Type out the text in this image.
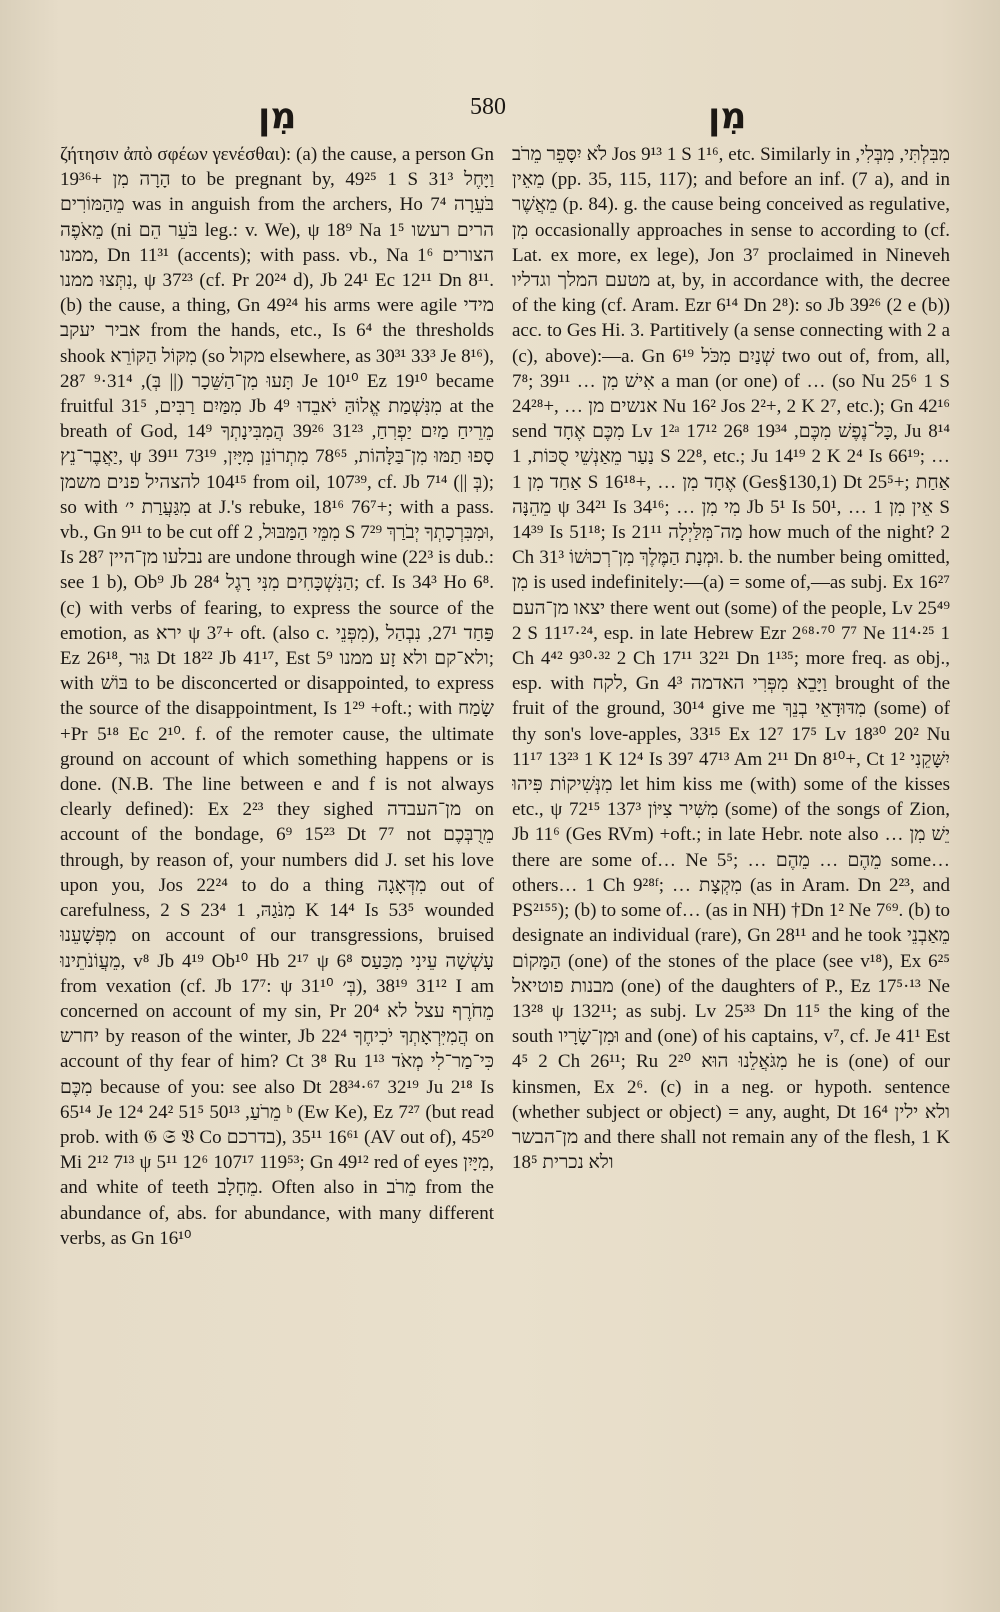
מִן	580	מִן

ζήτησιν ἀπὸ σφέων γενέσθαι): (a) the cause, a person Gn 19³⁶+ הָרָה מִן to be pregnant by, 49²⁵ 1 S 31³ וַיָּחֶל מֵהַמּוֹרִים was in anguish from the archers, Ho 7⁴ בֹּעֵרָה מֵאֹפֶה (ni בֹּעֵר הֵם leg.: v. We), ψ 18⁹ Na 1⁵ הרים רעשו ממנו, Dn 11³¹ (accents); with pass. vb., Na 1⁶ הצורים נִתְּצוּ ממנו, ψ 37²³ (cf. Pr 20²⁴ d), Jb 24¹ Ec 12¹¹ Dn 8¹¹. (b) the cause, a thing, Gn 49²⁴ his arms were agile מידי אביר יעקב from the hands, etc., Is 6⁴ the thresholds shook מִקּוֹל הַקּוֹרֵא (so מקול elsewhere, as 30³¹ 33³ Je 8¹⁶), 28⁷ תָּעוּ מִן־הַשֵּׁכָר (|| בְּ), 31⁴·⁹ Je 10¹⁰ Ez 19¹⁰ became fruitful מִמַּיִם רַבִּים, 31⁵ Jb 4⁹ מִנִּשְׁמַת אֱלוֹהַּ יֹאבֵדוּ at the breath of God, 14⁹ מֵרֵיחַ מַיִם יַפְרִחַ, 31²³ 39²⁶ הֲמִבִּינָתְךָ יַאֲבֶר־נֵץ, ψ 39¹¹ 73¹⁹ סָפוּ תַמּוּ מִן־בַּלָּהוֹת, 78⁶⁵ מִתְרוֹנֵן מִיָּיִן, 104¹⁵ להצהיל פנים משמן from oil, 107³⁹, cf. Jb 7¹⁴ (|| בְּ); so with מִגַּעֲרַת י׳ at J.'s rebuke, 18¹⁶ 76⁷+; with a pass. vb., Gn 9¹¹ to be cut off מִמֵּי הַמַּבּוּל, 2 S 7²⁹ וּמִבִּרְכָתְךָ יְבֹרַךְ, Is 28⁷ נבלעו מן־היין are undone through wine (22³ is dub.: see 1 b), Ob⁹ Jb 28⁴ הַנִּשְׁכָּחִים מִנִּי רָגֶל; cf. Is 34³ Ho 6⁸. (c) with verbs of fearing, to express the source of the emotion, as ירא ψ 3⁷+ oft. (also c. מִפְּנֵי), פַּחַד 27¹, נִבְהַל Ez 26¹⁸, גּוּר Dt 18²² Jb 41¹⁷, Est 5⁹ ולא־קם ולא זָע ממנו; with בּוֹשׁ to be disconcerted or disappointed, to express the source of the disappointment, Is 1²⁹ +oft.; with שָׂמַח +Pr 5¹⁸ Ec 2¹⁰. f. of the remoter cause, the ultimate ground on account of which something happens or is done. (N.B. The line between e and f is not always clearly defined): Ex 2²³ they sighed מן־העבדה on account of the bondage, 6⁹ 15²³ Dt 7⁷ not מֵרֻבְּכֶם through, by reason of, your numbers did J. set his love upon you, Jos 22²⁴ to do a thing מִדְּאָגָה out of carefulness, 2 S 23⁴ מִנֹּגַהּ, 1 K 14⁴ Is 53⁵ wounded מִפְּשָׁעֵנוּ on account of our transgressions, bruised מֵעֲוֹנֹתֵינוּ, v⁸ Jb 4¹⁹ Ob¹⁰ Hb 2¹⁷ ψ 6⁸ עָשְׁשָׁה עֵינִי מִכַּעַס from vexation (cf. Jb 17⁷: ψ 31¹⁰ בְּ׳), 31¹² 38¹⁹ I am concerned on account of my sin, Pr 20⁴ מֵחֹרֶף עצל לא יחרש by reason of the winter, Jb 22⁴ הֲמִיִּרְאָתְךָ יֹכִיחֶךָ on account of thy fear of him? Ct 3⁸ Ru 1¹³ כִּי־מַר־לִי מְאֹד מִכֶּם because of you: see also Dt 28³⁴·⁶⁷ 32¹⁹ Ju 2¹⁸ Is 65¹⁴ Je 12⁴ 24² מֵרֹעַ, 50¹³ 51⁵ ᵇ (Ew Ke), Ez 7²⁷ (but read prob. with 𝔊 𝔖 𝔙 Co בדרכם), 16⁶¹ 35¹¹ (AV out of), 45²⁰ Mi 2¹² 7¹³ ψ 5¹¹ 12⁶ 107¹⁷ 119⁵³; Gn 49¹² red of eyes מִיָּיִן, and white of teeth מֵחָלָב. Often also in מֵרֹב from the abundance of, abs. for abundance, with many different verbs, as Gn 16¹⁰

לֹא יִסָּפֵר מֵרֹב Jos 9¹³ 1 S 1¹⁶, etc. Similarly in מִבִּלְתִּי, מִבְּלִי, מֵאֵין (pp. 35, 115, 117); and before an inf. (7 a), and in מֵאֲשֶׁר (p. 84). g. the cause being conceived as regulative, מִן occasionally approaches in sense to according to (cf. Lat. ex more, ex lege), Jon 3⁷ proclaimed in Nineveh מטעם המלך וגדליו at, by, in accordance with, the decree of the king (cf. Aram. Ezr 6¹⁴ Dn 2⁸): so Jb 39²⁶ (2 e (b)) acc. to Ges Hi. 3. Partitively (a sense connecting with 2 a (c), above):—a. Gn 6¹⁹ שְׁנַיִם מִכֹּל two out of, from, all, 7⁸; 39¹¹ … אִישׁ מִן a man (or one) of … (so Nu 25⁶ 1 S 24²⁸+, … אנשים מן Nu 16² Jos 2²+, 2 K 2⁷, etc.); Gn 42¹⁶ send מִכֶּם אֶחָד Lv 1²ᵃ 17¹² כָּל־נֶפֶשׁ מִכֶּם, 19³⁴ 26⁸, Ju 8¹⁴ נַעַר מֵאַנְשֵׁי סֻכּוֹת, 1 S 22⁸, etc.; Ju 14¹⁹ 2 K 2⁴ Is 66¹⁹; … אַחַד מִן 1 S 16¹⁸+, … אֶחָד מִן (Ges§130,1) Dt 25⁵+; אַחַת מֵהֵנָּה ψ 34²¹ Is 34¹⁶; … מִי מִן Jb 5¹ Is 50¹, … אֵין מִן 1 S 14³⁹ Is 51¹⁸; Is 21¹¹ מַה־מִּלַּיְלָה how much of the night? 2 Ch 31³ וּמְנָת הַמֶּלֶךְ מִן־רְכוּשׁוֹ. b. the number being omitted, מִן is used indefinitely:—(a) = some of,—as subj. Ex 16²⁷ יצאו מן־העם there went out (some) of the people, Lv 25⁴⁹ 2 S 11¹⁷·²⁴, esp. in late Hebrew Ezr 2⁶⁸·⁷⁰ 7⁷ Ne 11⁴·²⁵ 1 Ch 4⁴² 9³⁰·³² 2 Ch 17¹¹ 32²¹ Dn 1¹³⁵; more freq. as obj., esp. with לקח, Gn 4³ וַיָּבֵא מִפְּרִי האדמה brought of the fruit of the ground, 30¹⁴ give me מִדּוּדָאֵי בְנֵךְ (some) of thy son's love-apples, 33¹⁵ Ex 12⁷ 17⁵ Lv 18³⁰ 20² Nu 11¹⁷ 13²³ 1 K 12⁴ Is 39⁷ 47¹³ Am 2¹¹ Dn 8¹⁰+, Ct 1² יִשָּׁקֵנִי מִנְּשִׁיקוֹת פִּיהוּ let him kiss me (with) some of the kisses etc., ψ 72¹⁵ 137³ מִשִּׁיר צִיּוֹן (some) of the songs of Zion, Jb 11⁶ (Ges RVm) +oft.; in late Hebr. note also … יֵשׁ מִן there are some of… Ne 5⁵; … מֵהֶם … מֵהֶם some… others… 1 Ch 9²⁸ᶠ; … מִקְצָת (as in Aram. Dn 2²³, and PS²¹⁵⁵); (b) to some of… (as in NH) †Dn 1² Ne 7⁶⁹. (b) to designate an individual (rare), Gn 28¹¹ and he took מֵאַבְנֵי הַמָּקוֹם (one) of the stones of the place (see v¹⁸), Ex 6²⁵ מבנות פוטיאל (one) of the daughters of P., Ez 17⁵·¹³ Ne 13²⁸ ψ 132¹¹; as subj. Lv 25³³ Dn 11⁵ the king of the south וּמִן־שָׂרָיו and (one) of his captains, v⁷, cf. Je 41¹ Est 4⁵ 2 Ch 26¹¹; Ru 2²⁰ מִגֹּאֲלֵנוּ הוּא he is (one) of our kinsmen, Ex 2⁶. (c) in a neg. or hypoth. sentence (whether subject or object) = any, aught, Dt 16⁴ ולא ילין מן־הבשר and there shall not remain any of the flesh, 1 K 18⁵ ולא נכרית
